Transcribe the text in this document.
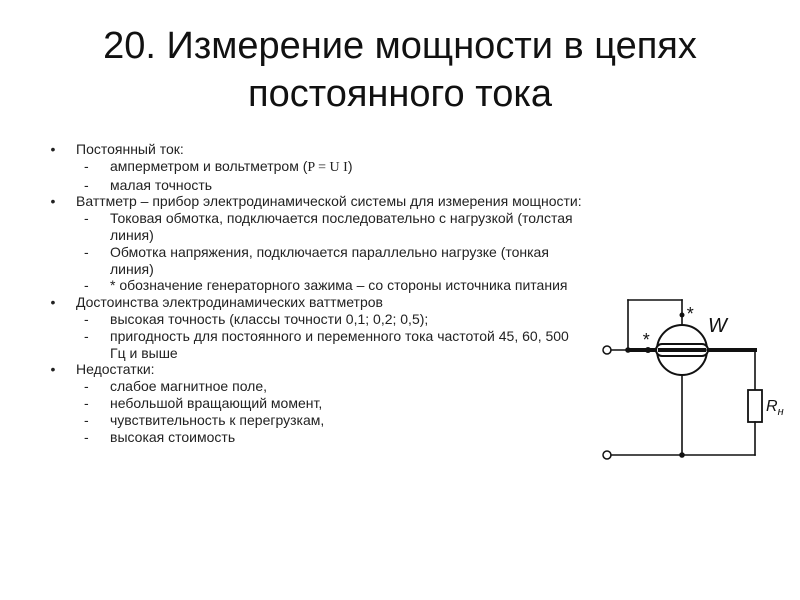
20. Измерение мощности в цепях постоянного тока
•	Постоянный ток:
- амперметром и вольтметром (P = U I)
- малая точность
•	Ваттметр – прибор электродинамической системы для измерения мощности:
- Токовая обмотка, подключается последовательно с нагрузкой (толстая линия)
- Обмотка напряжения, подключается параллельно нагрузке (тонкая линия)
- * обозначение генераторного зажима – со стороны источника питания
•	Достоинства электродинамических ваттметров
- высокая точность (классы точности 0,1; 0,2; 0,5);
- пригодность для постоянного и переменного тока частотой 45, 60, 500 Гц и выше
•	Недостатки:
- слабое магнитное поле,
- небольшой вращающий момент,
- чувствительность к перегрузкам,
- высокая стоимость
*
*
W
$R_н$
